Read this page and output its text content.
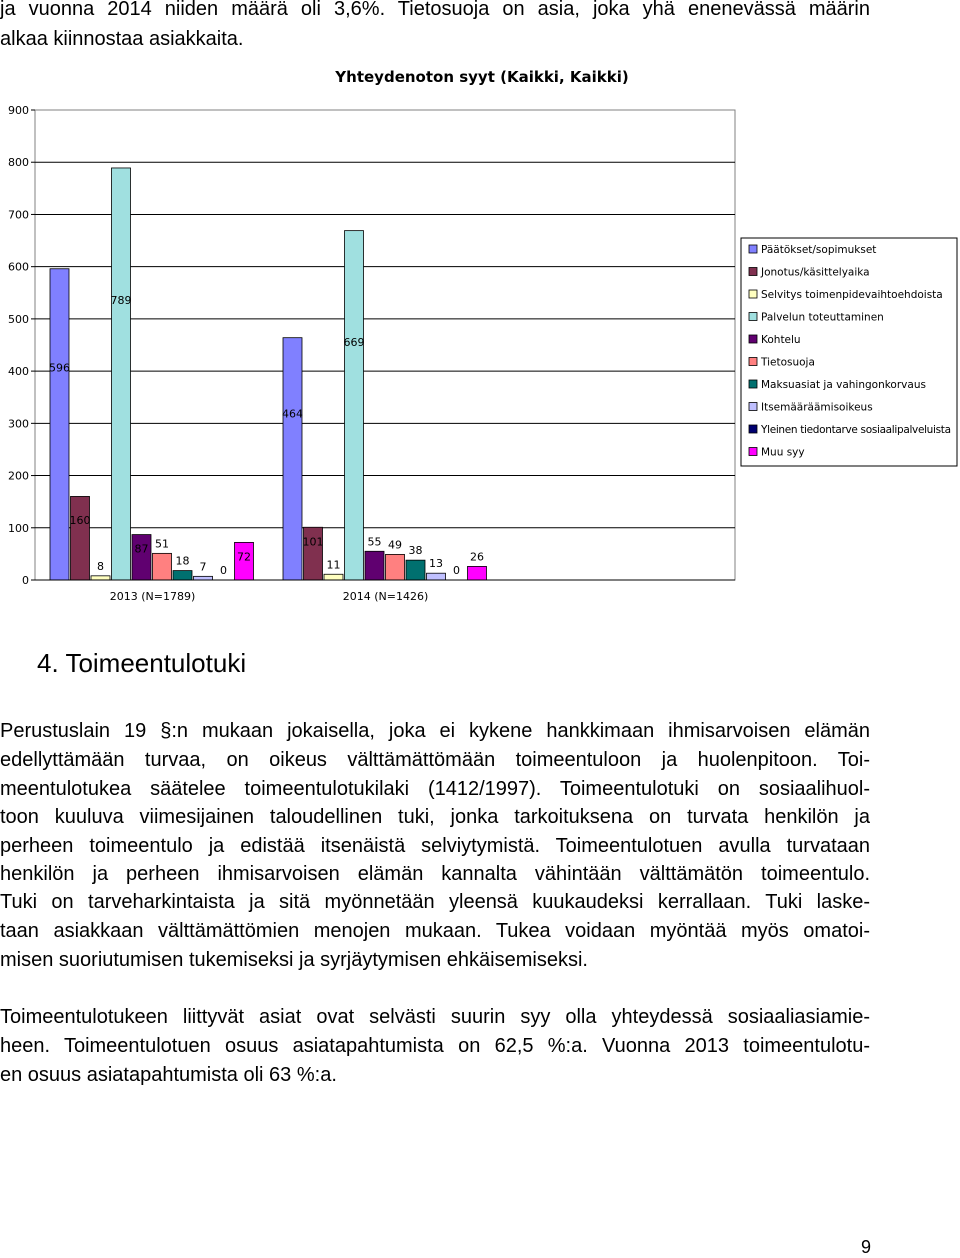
ja vuonna 2014 niiden määrä oli 3,6%. Tietosuoja on asia, joka yhä enenevässä määrin
alkaa kiinnostaa asiakkaita.
Yhteydenoton syyt (Kaikki, Kaikki)
0
100
200
300
400
500
600
700
800
900
596
160
8
789
87 51
18 7 0
72
464
101
11
669
55 49 38
13
0
26
2013 (N=1789)	2014 (N=1426)
Päätökset/sopimukset
Jonotus/käsittelyaika
Selvitys toimenpidevaihtoehdoista
Palvelun toteuttaminen
Kohtelu
Tietosuoja
Maksuasiat ja vahingonkorvaus
Itsemääräämisoikeus
Yleinen tiedontarve sosiaalipalveluista
Muu syy
4. Toimeentulotuki
Perustuslain 19 §:n mukaan jokaisella, joka ei kykene hankkimaan ihmisarvoisen elämän
edellyttämään turvaa, on oikeus välttämättömään toimeentuloon ja huolenpitoon. Toi-
meentulotukea säätelee toimeentulotukilaki (1412/1997). Toimeentulotuki on sosiaalihuol-
toon kuuluva viimesijainen taloudellinen tuki, jonka tarkoituksena on turvata henkilön ja
perheen toimeentulo ja edistää itsenäistä selviytymistä. Toimeentulotuen avulla turvataan
henkilön ja perheen ihmisarvoisen elämän kannalta vähintään välttämätön toimeentulo.
Tuki on tarveharkintaista ja sitä myönnetään yleensä kuukaudeksi kerrallaan. Tuki laske-
taan asiakkaan välttämättömien menojen mukaan. Tukea voidaan myöntää myös omatoi-
misen suoriutumisen tukemiseksi ja syrjäytymisen ehkäisemiseksi.
Toimeentulotukeen liittyvät asiat ovat selvästi suurin syy olla yhteydessä sosiaaliasiamie-
heen. Toimeentulotuen osuus asiatapahtumista on 62,5 %:a. Vuonna 2013 toimeentulotu-
en osuus asiatapahtumista oli 63 %:a.
9
